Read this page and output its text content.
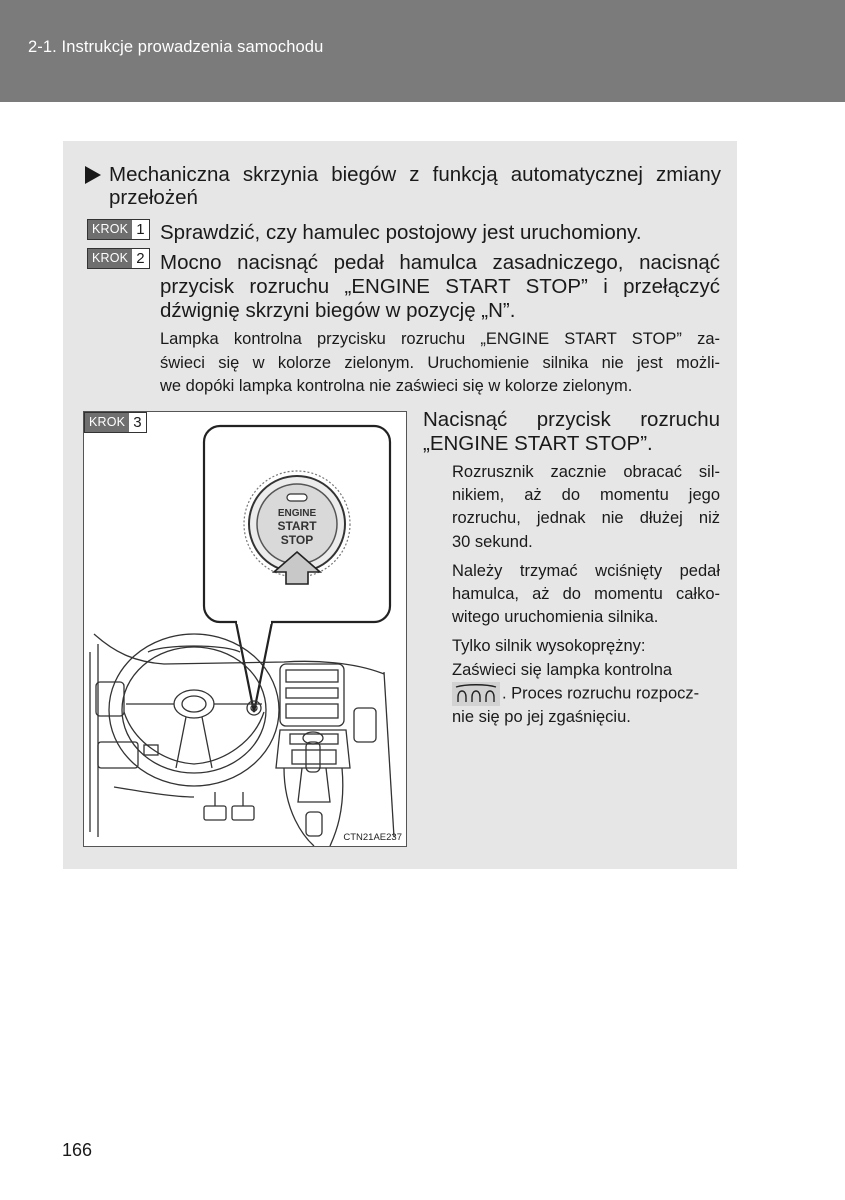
2-1. Instrukcje prowadzenia samochodu
Mechaniczna skrzynia biegów z funkcją automatycznej zmiany
przełożeń
KROK 1 Sprawdzić, czy hamulec postojowy jest uruchomiony.
KROK 2 Mocno nacisnąć pedał hamulca zasadniczego, nacisnąć
przycisk rozruchu „ENGINE START STOP” i przełączyć
dźwignię skrzyni biegów w pozycję „N”.
Lampka kontrolna przycisku rozruchu „ENGINE START STOP” za-
świeci się w kolorze zielonym. Uruchomienie silnika nie jest możli-
we dopóki lampka kontrolna nie zaświeci się w kolorze zielonym.
ENGINE
START
STOP
KROK 3
CTN21AE237
Nacisnąć przycisk rozruchu
„ENGINE START STOP”.

Rozrusznik zacznie obracać sil-
nikiem, aż do momentu jego
rozruchu, jednak nie dłużej niż
30 sekund.

Należy trzymać wciśnięty pedał
hamulca, aż do momentu całko-
witego uruchomienia silnika.

Tylko silnik wysokoprężny:
Zaświeci się lampka kontrolna
. Proces rozruchu rozpocz-
nie się po jej zgaśnięciu.

166
